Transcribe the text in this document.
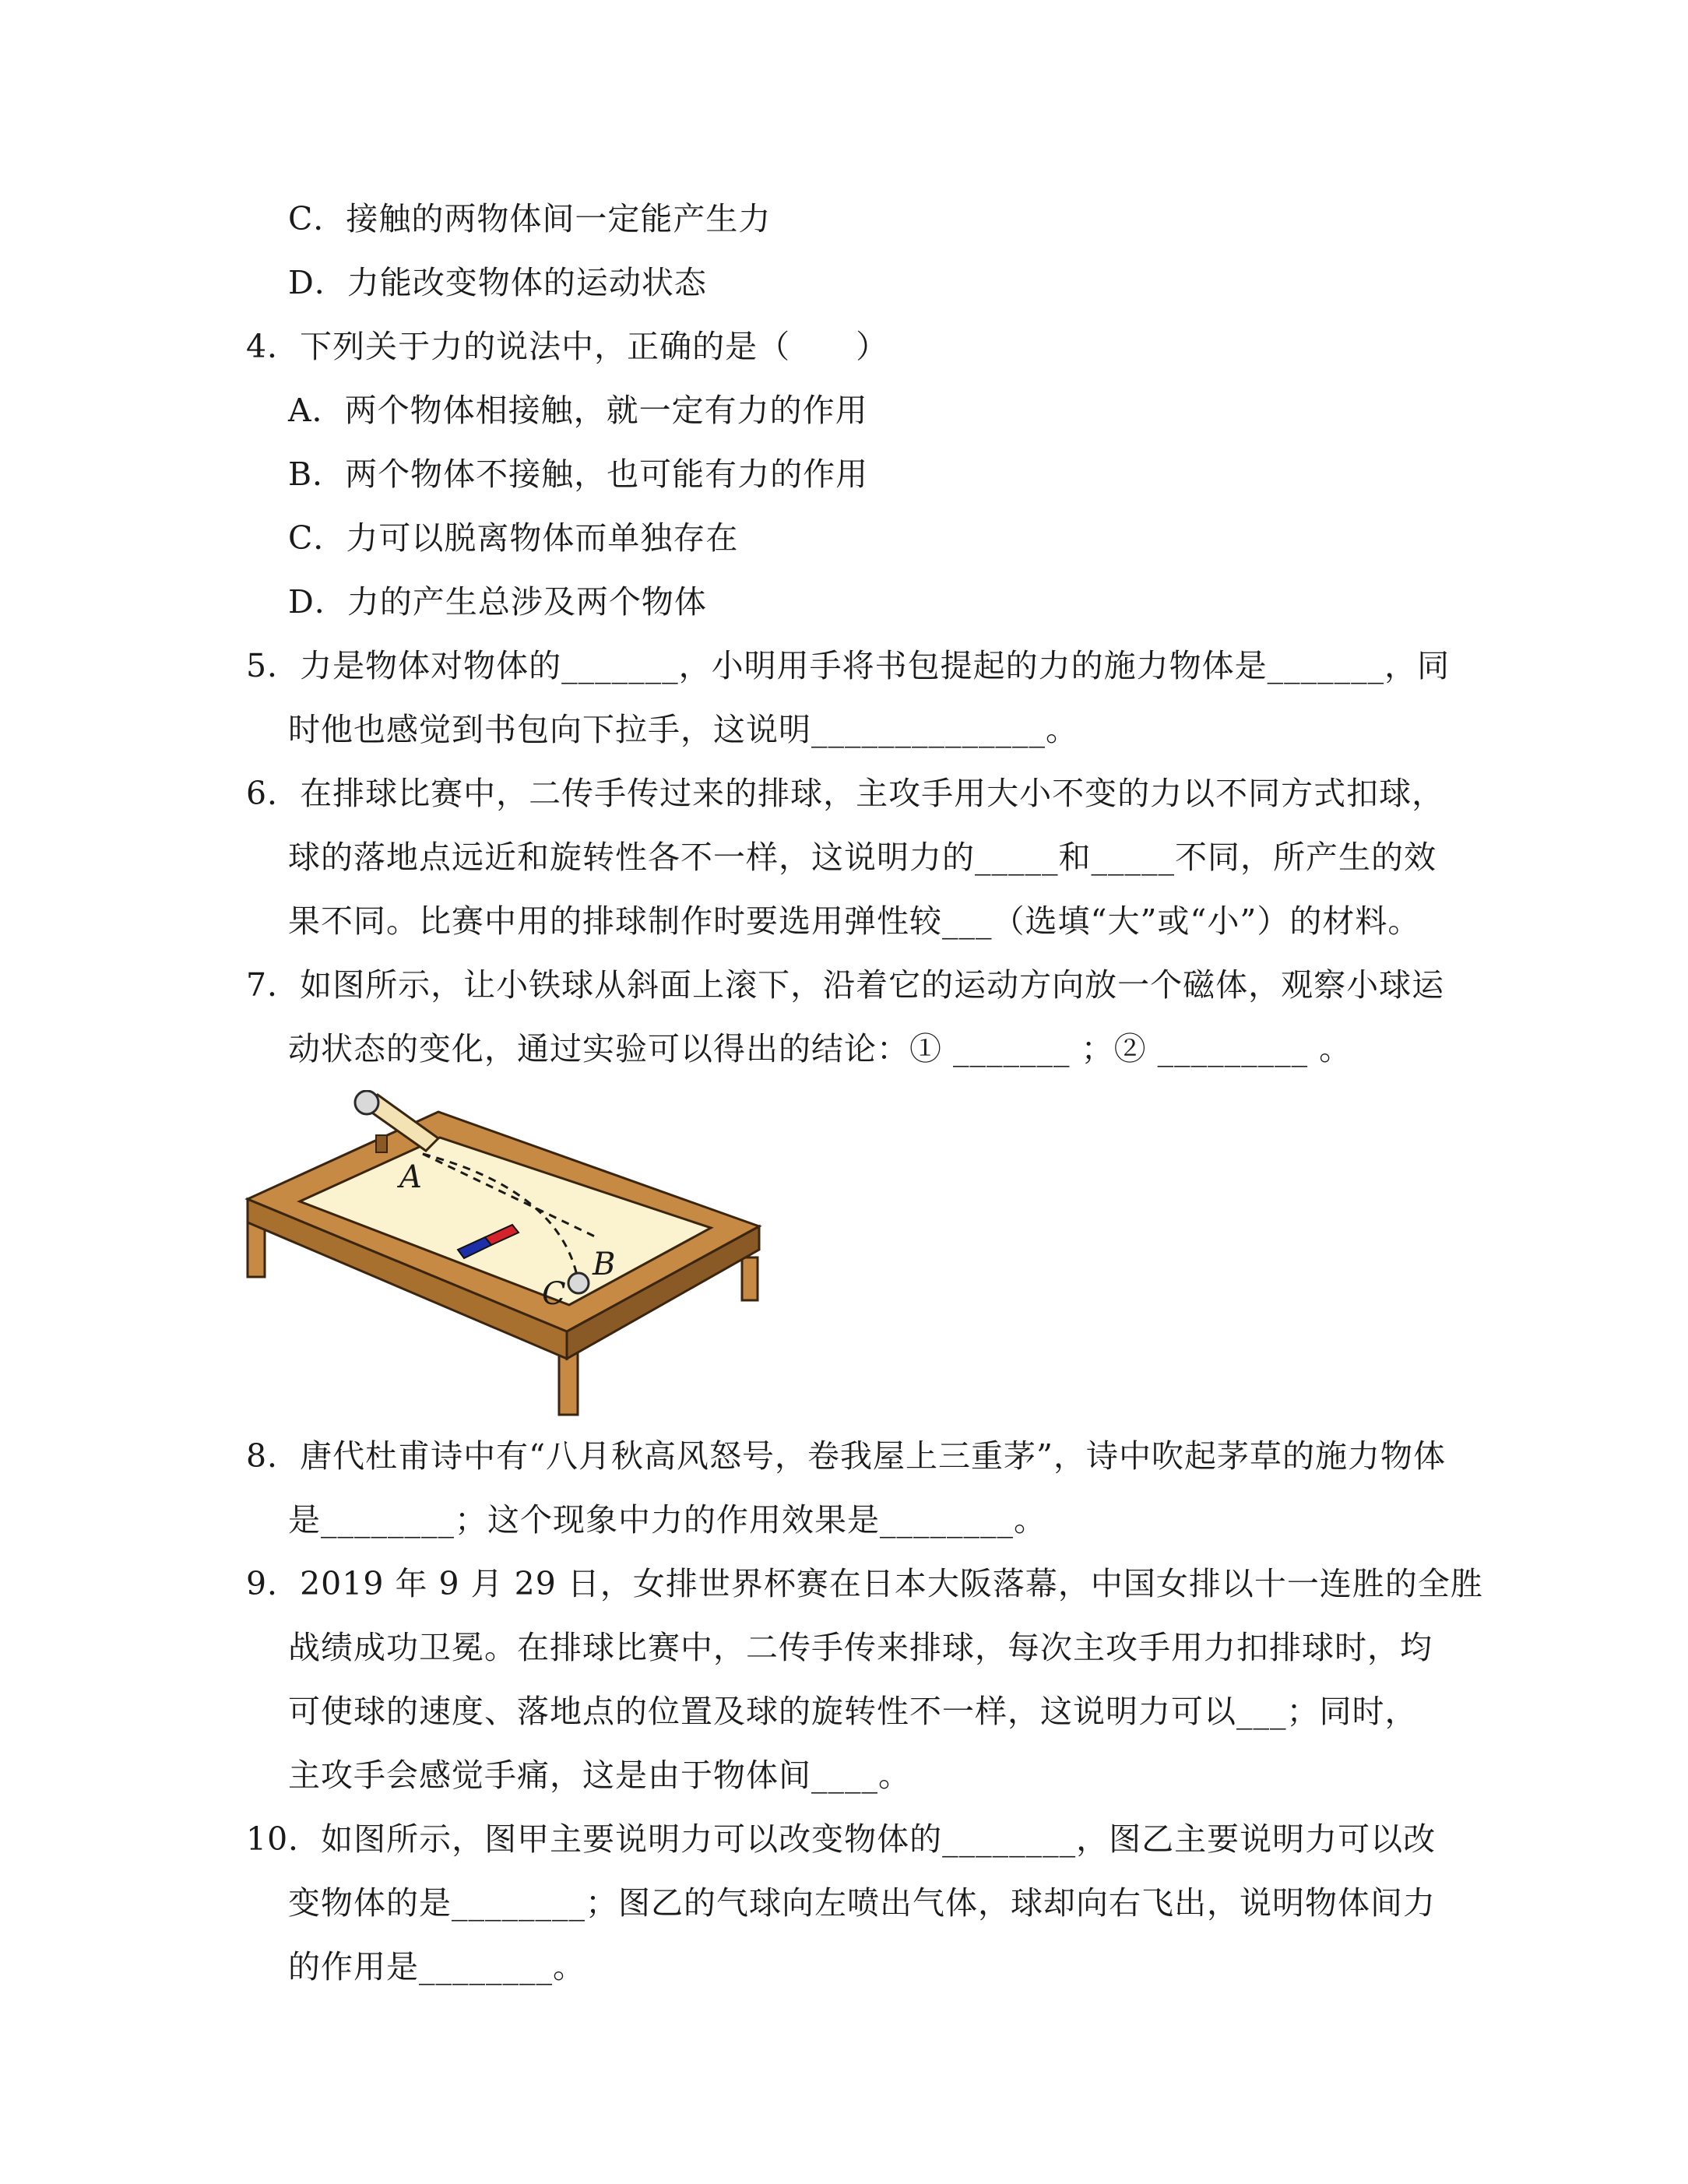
C．接触的两物体间一定能产生力
D．力能改变物体的运动状态
4．下列关于力的说法中，正确的是（　　）
A．两个物体相接触，就一定有力的作用
B．两个物体不接触，也可能有力的作用
C．力可以脱离物体而单独存在
D．力的产生总涉及两个物体
5．力是物体对物体的_______，小明用手将书包提起的力的施力物体是_______，同
时他也感觉到书包向下拉手，这说明______________。
6．在排球比赛中，二传手传过来的排球，主攻手用大小不变的力以不同方式扣球，
球的落地点远近和旋转性各不一样，这说明力的_____和_____不同，所产生的效
果不同。比赛中用的排球制作时要选用弹性较___（选填“大”或“小”）的材料。
7．如图所示，让小铁球从斜面上滚下，沿着它的运动方向放一个磁体，观察小球运
动状态的变化，通过实验可以得出的结论：① _______ ；② _________ 。
A
B
C
8．唐代杜甫诗中有“八月秋高风怒号，卷我屋上三重茅”，诗中吹起茅草的施力物体
是________；这个现象中力的作用效果是________。
9．2019 年 9 月 29 日，女排世界杯赛在日本大阪落幕，中国女排以十一连胜的全胜
战绩成功卫冕。在排球比赛中，二传手传来排球，每次主攻手用力扣排球时，均
可使球的速度、落地点的位置及球的旋转性不一样，这说明力可以___；同时，
主攻手会感觉手痛，这是由于物体间____。
10．如图所示，图甲主要说明力可以改变物体的________，图乙主要说明力可以改
变物体的是________；图乙的气球向左喷出气体，球却向右飞出，说明物体间力
的作用是________。
